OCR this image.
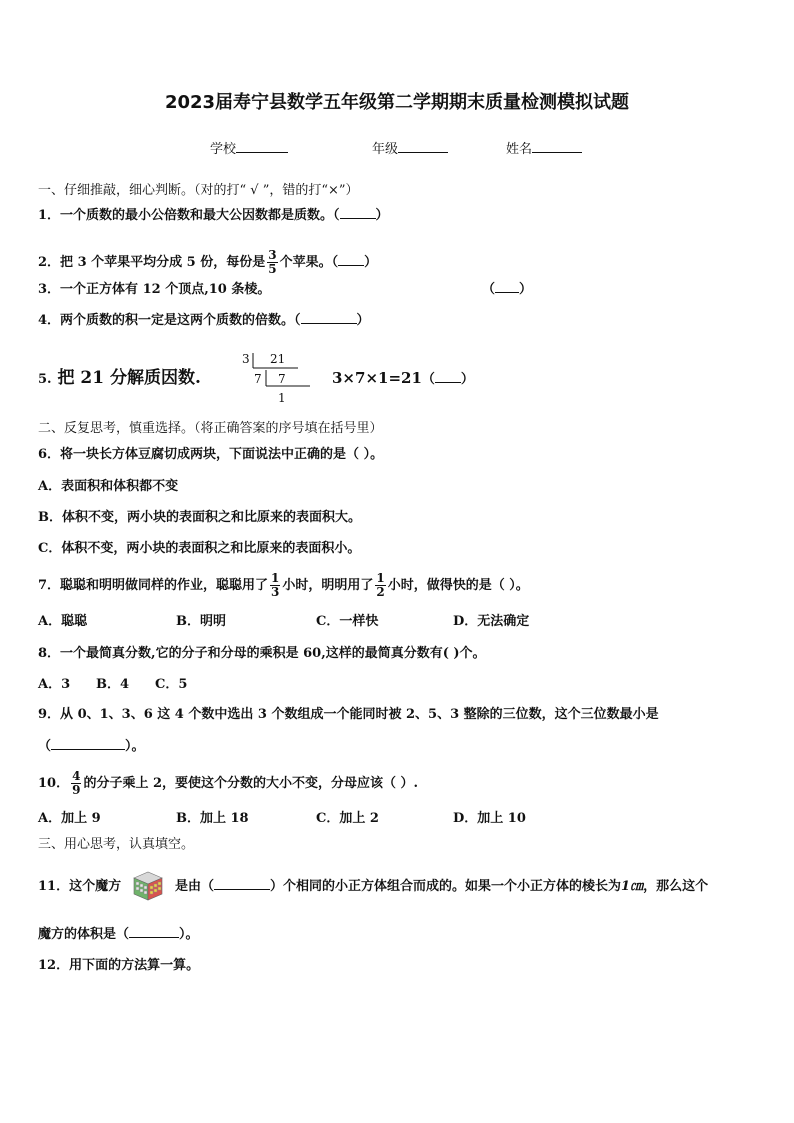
2023届寿宁县数学五年级第二学期期末质量检测模拟试题
学校	年级	姓名
一、仔细推敲，细心判断。（对的打“ √ ”，错的打“×”）
1．一个质数的最小公倍数和最大公因数都是质数。（	）
2．把 3 个苹果平均分成 5 份，每份是 $\frac{3}{5}$ 个苹果。（ ）
3．一个正方体有 12 个顶点,10 条棱。	（ ）
4．两个质数的积一定是这两个质数的倍数。（	）
5. 把 21 分解质因数.
3 21
7 7
1
3×7×1=21（ ）
二、反复思考，慎重选择。（将正确答案的序号填在括号里）
6．将一块长方体豆腐切成两块，下面说法中正确的是（ ）。
A．表面积和体积都不变
B．体积不变，两小块的表面积之和比原来的表面积大。
C．体积不变，两小块的表面积之和比原来的表面积小。
7．聪聪和明明做同样的作业，聪聪用了 $\frac{1}{3}$ 小时，明明用了 $\frac{1}{2}$ 小时，做得快的是（ ）。
A．聪聪	B．明明	C．一样快	D．无法确定
8．一个最简真分数,它的分子和分母的乘积是 60,这样的最简真分数有( )个。
A．3 B．4 C．5
9．从 0、1、3、6 这 4 个数中选出 3 个数组成一个能同时被 2、5、3 整除的三位数，这个三位数最小是
（	）。
10． $\frac{4}{9}$ 的分子乘上 2，要使这个分数的大小不变，分母应该（ ）.
A．加上 9	B．加上 18	C．加上 2	D．加上 10
三、用心思考，认真填空。
11．这个魔方	是由（	）个相同的小正方体组合而成的。如果一个小正方体的棱长为1㎝，那么这个
魔方的体积是（	）。
12．用下面的方法算一算。
